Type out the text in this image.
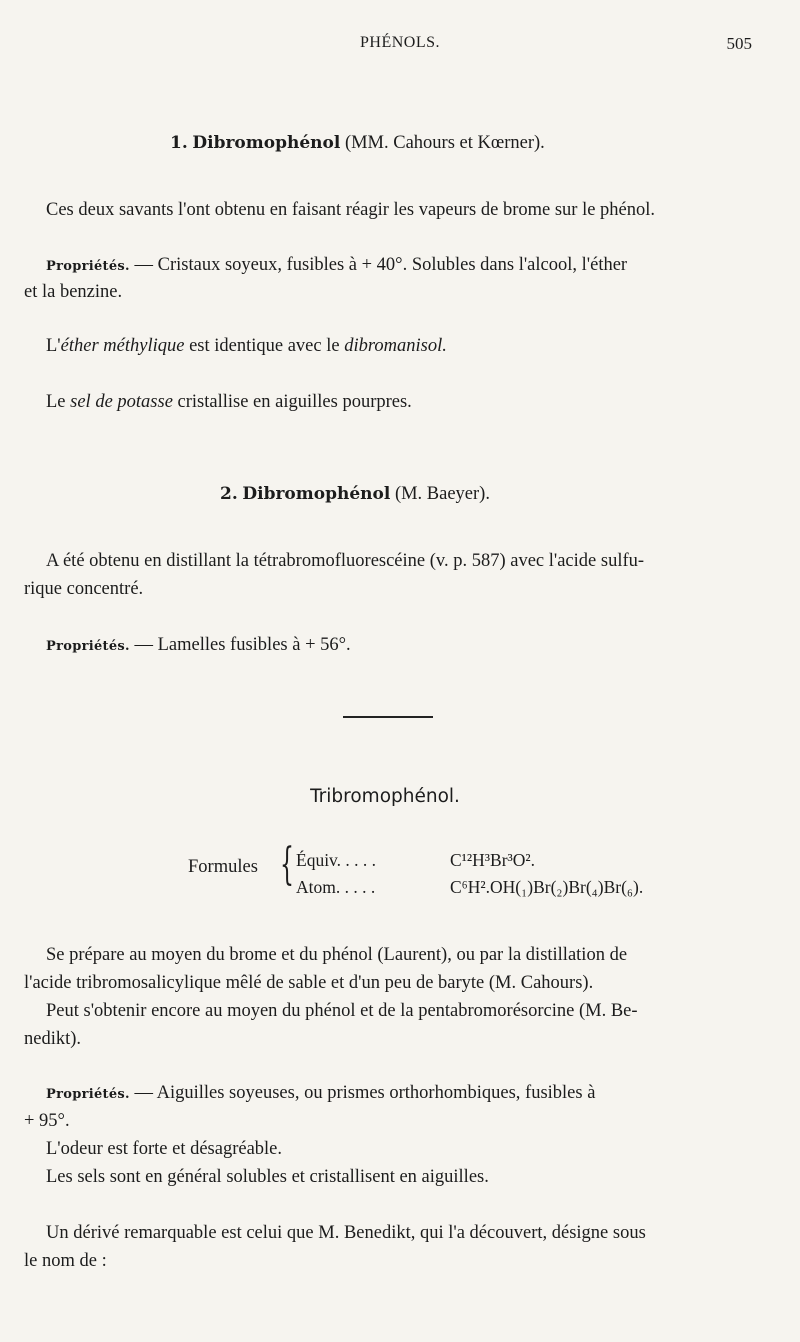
PHÉNOLS.	505
1. Dibromophénol (MM. Cahours et Kœrner).
Ces deux savants l'ont obtenu en faisant réagir les vapeurs de brome sur le phénol.
Propriétés. — Cristaux soyeux, fusibles à + 40°. Solubles dans l'alcool, l'éther
et la benzine.
L'éther méthylique est identique avec le dibromanisol.
Le sel de potasse cristallise en aiguilles pourpres.
2. Dibromophénol (M. Baeyer).
A été obtenu en distillant la tétrabromofluorescéine (v. p. 587) avec l'acide sulfu-
rique concentré.
Propriétés. — Lamelles fusibles à + 56°.
Tribromophénol.
Formules { Équiv. . . . .	C¹²H³Br³O².
Atom. . . . .	C⁶H².OH(₁)Br(₂)Br(₄)Br(₆).
Se prépare au moyen du brome et du phénol (Laurent), ou par la distillation de
l'acide tribromosalicylique mêlé de sable et d'un peu de baryte (M. Cahours).
Peut s'obtenir encore au moyen du phénol et de la pentabromorésorcine (M. Be-
nedikt).
Propriétés. — Aiguilles soyeuses, ou prismes orthorhombiques, fusibles à
+ 95°.
L'odeur est forte et désagréable.
Les sels sont en général solubles et cristallisent en aiguilles.
Un dérivé remarquable est celui que M. Benedikt, qui l'a découvert, désigne sous
le nom de :
